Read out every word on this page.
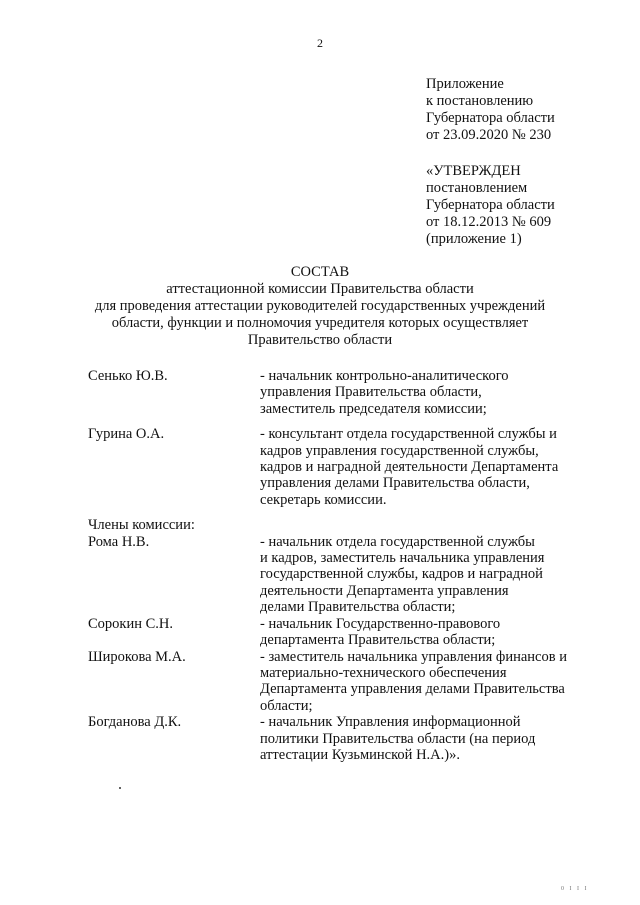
2
Приложение
к постановлению
Губернатора области
от 23.09.2020 № 230
«УТВЕРЖДЕН
постановлением
Губернатора области
от 18.12.2013 № 609
(приложение 1)
СОСТАВ
аттестационной комиссии Правительства области
для проведения аттестации руководителей государственных учреждений
области, функции и полномочия учредителя которых осуществляет
Правительство области
Сенько Ю.В.	- начальник контрольно-аналитического
управления Правительства области,
заместитель председателя комиссии;
Гурина О.А.	- консультант отдела государственной службы и
кадров управления государственной службы,
кадров и наградной деятельности Департамента
управления делами Правительства области,
секретарь комиссии.
Члены комиссии:
Рома Н.В.	- начальник отдела государственной службы
и кадров, заместитель начальника управления
государственной службы, кадров и наградной
деятельности Департамента управления
делами Правительства области;
Сорокин С.Н.	- начальник Государственно-правового
департамента Правительства области;
Широкова М.А.	- заместитель начальника управления финансов и
материально-технического обеспечения
Департамента управления делами Правительства
области;
Богданова Д.К.	- начальник Управления информационной
политики Правительства области (на период
аттестации Кузьминской Н.А.)».
0 I I I
